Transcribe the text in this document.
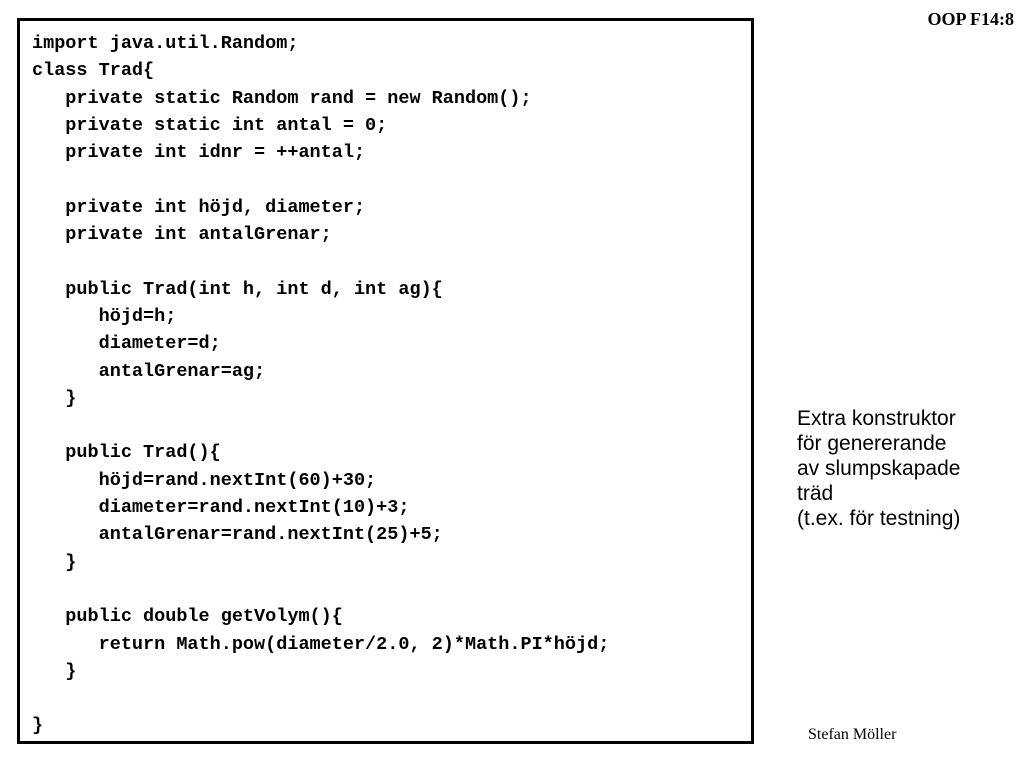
OOP F14:8
import java.util.Random;
class Trad{
private static Random rand = new Random();
private static int antal = 0;
private int idnr = ++antal;
private int höjd, diameter;
private int antalGrenar;
public Trad(int h, int d, int ag){
höjd=h;
diameter=d;
antalGrenar=ag;
}
public Trad(){
höjd=rand.nextInt(60)+30;
diameter=rand.nextInt(10)+3;
antalGrenar=rand.nextInt(25)+5;
}
public double getVolym(){
return Math.pow(diameter/2.0, 2)*Math.PI*höjd;
}
}
Extra konstruktor
för genererande
av slumpskapade
träd
(t.ex. för testning)
Stefan Möller
